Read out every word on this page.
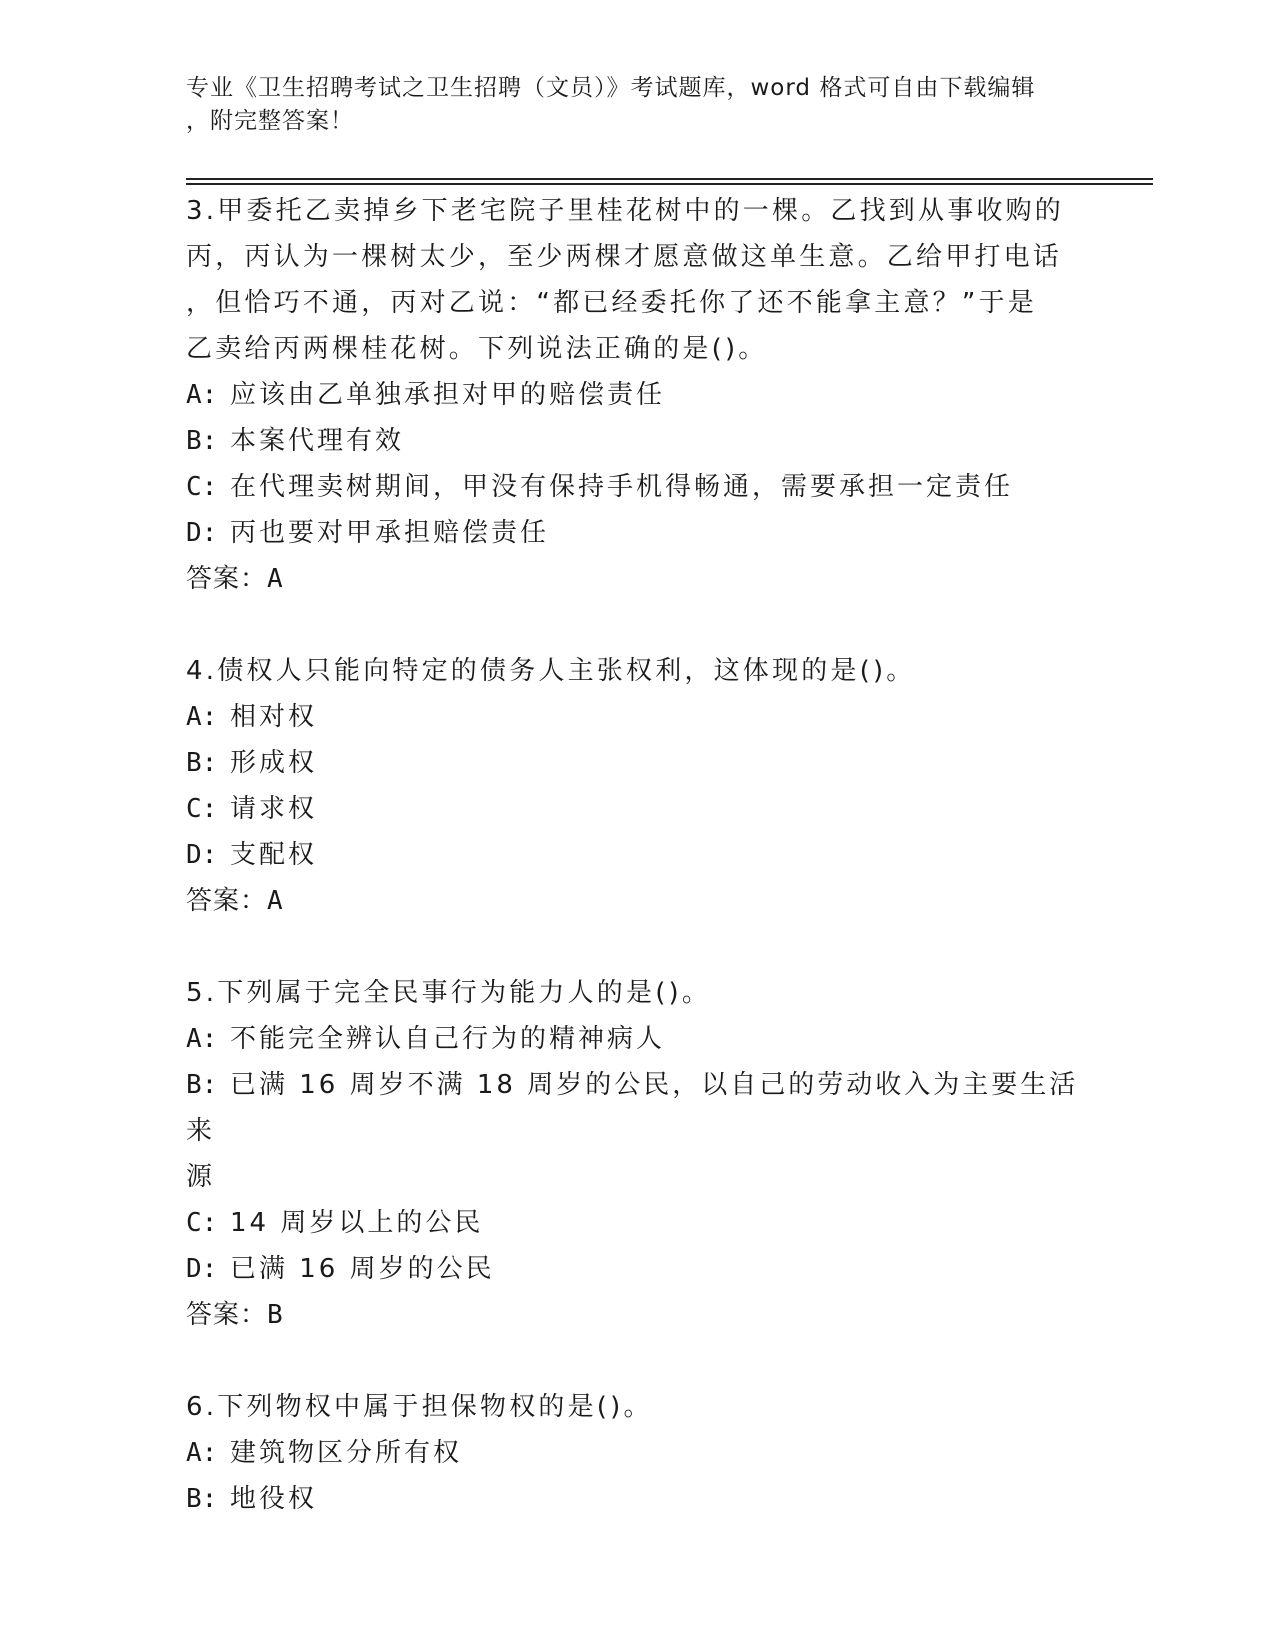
专业《卫生招聘考试之卫生招聘（文员）》考试题库，word 格式可自由下载编辑
，附完整答案！
3.甲委托乙卖掉乡下老宅院子里桂花树中的一棵。乙找到从事收购的
丙，丙认为一棵树太少，至少两棵才愿意做这单生意。乙给甲打电话
，但恰巧不通，丙对乙说：“都已经委托你了还不能拿主意？”于是
乙卖给丙两棵桂花树。下列说法正确的是()。
A: 应该由乙单独承担对甲的赔偿责任
B: 本案代理有效
C: 在代理卖树期间，甲没有保持手机得畅通，需要承担一定责任
D: 丙也要对甲承担赔偿责任
答案：A
4.债权人只能向特定的债务人主张权利，这体现的是()。
A: 相对权
B: 形成权
C: 请求权
D: 支配权
答案：A
5.下列属于完全民事行为能力人的是()。
A: 不能完全辨认自己行为的精神病人
B: 已满 16 周岁不满 18 周岁的公民，以自己的劳动收入为主要生活来
源
C: 14 周岁以上的公民
D: 已满 16 周岁的公民
答案：B
6.下列物权中属于担保物权的是()。
A: 建筑物区分所有权
B: 地役权
